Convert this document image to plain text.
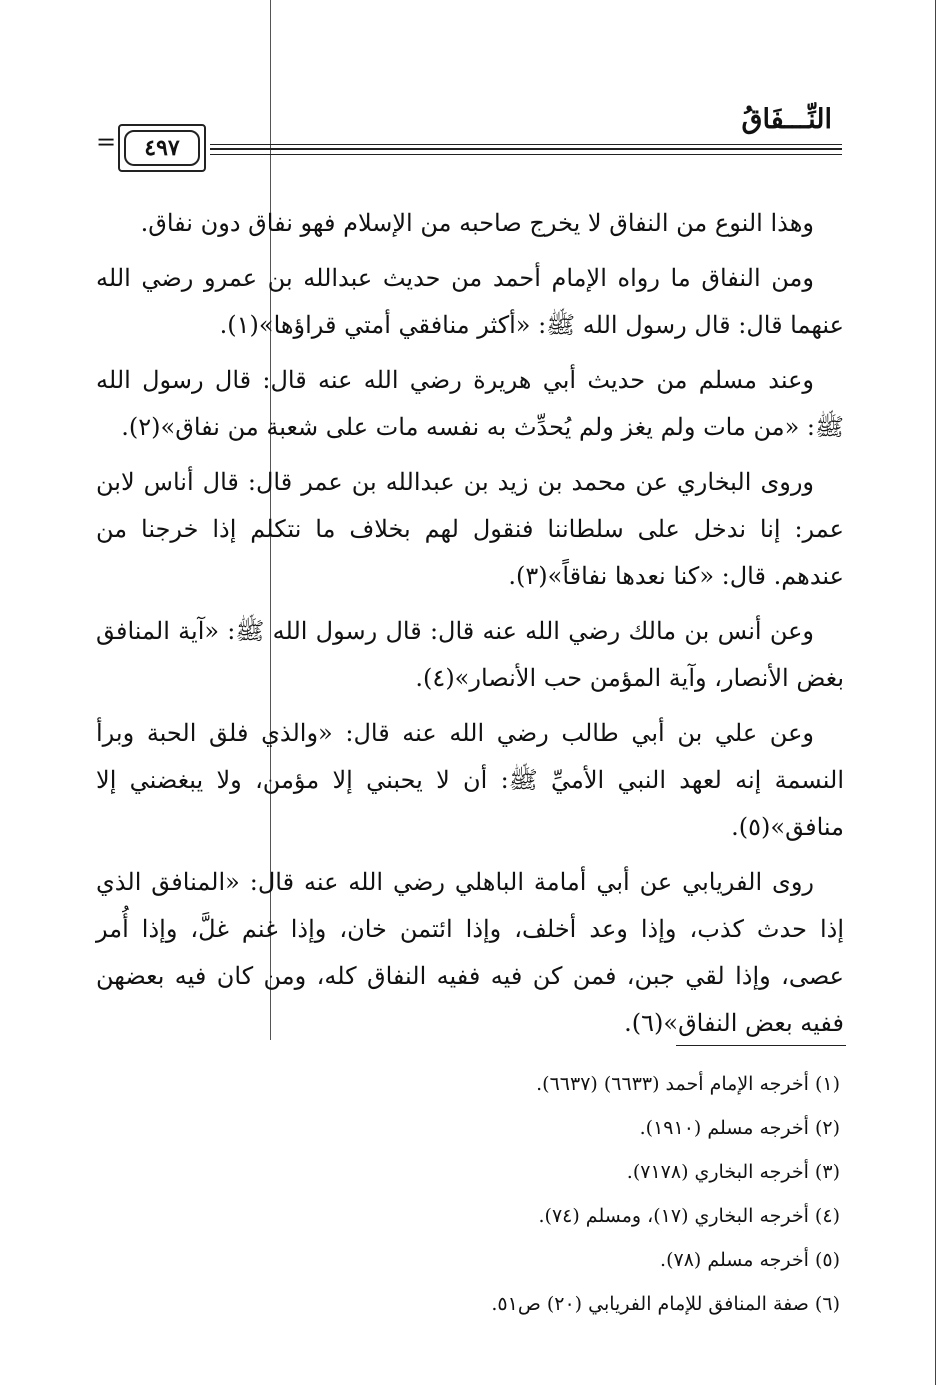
النِّـــفَاقُ
=	٤٩٧

وهذا النوع من النفاق لا يخرج صاحبه من الإسلام فهو نفاق دون نفاق.

ومن النفاق ما رواه الإمام أحمد من حديث عبدالله بن عمرو رضي الله عنهما قال: قال رسول الله ﷺ: «أكثر منافقي أمتي قراؤها»(١).

وعند مسلم من حديث أبي هريرة رضي الله عنه قال: قال رسول الله ﷺ: «من مات ولم يغز ولم يُحدِّث به نفسه مات على شعبة من نفاق»(٢).

وروى البخاري عن محمد بن زيد بن عبدالله بن عمر قال: قال أناس لابن عمر: إنا ندخل على سلطاننا فنقول لهم بخلاف ما نتكلم إذا خرجنا من عندهم. قال: «كنا نعدها نفاقاً»(٣).

وعن أنس بن مالك رضي الله عنه قال: قال رسول الله ﷺ: «آية المنافق بغض الأنصار، وآية المؤمن حب الأنصار»(٤).

وعن علي بن أبي طالب رضي الله عنه قال: «والذي فلق الحبة وبرأ النسمة إنه لعهد النبي الأميِّ ﷺ: أن لا يحبني إلا مؤمن، ولا يبغضني إلا منافق»(٥).

روى الفريابي عن أبي أمامة الباهلي رضي الله عنه قال: «المنافق الذي إذا حدث كذب، وإذا وعد أخلف، وإذا ائتمن خان، وإذا غنم غلَّ، وإذا أُمر عصى، وإذا لقي جبن، فمن كن فيه ففيه النفاق كله، ومن كان فيه بعضهن ففيه بعض النفاق»(٦).

(١) أخرجه الإمام أحمد (٦٦٣٣) (٦٦٣٧).
(٢) أخرجه مسلم (١٩١٠).
(٣) أخرجه البخاري (٧١٧٨).
(٤) أخرجه البخاري (١٧)، ومسلم (٧٤).
(٥) أخرجه مسلم (٧٨).
(٦) صفة المنافق للإمام الفريابي (٢٠) ص٥١.
